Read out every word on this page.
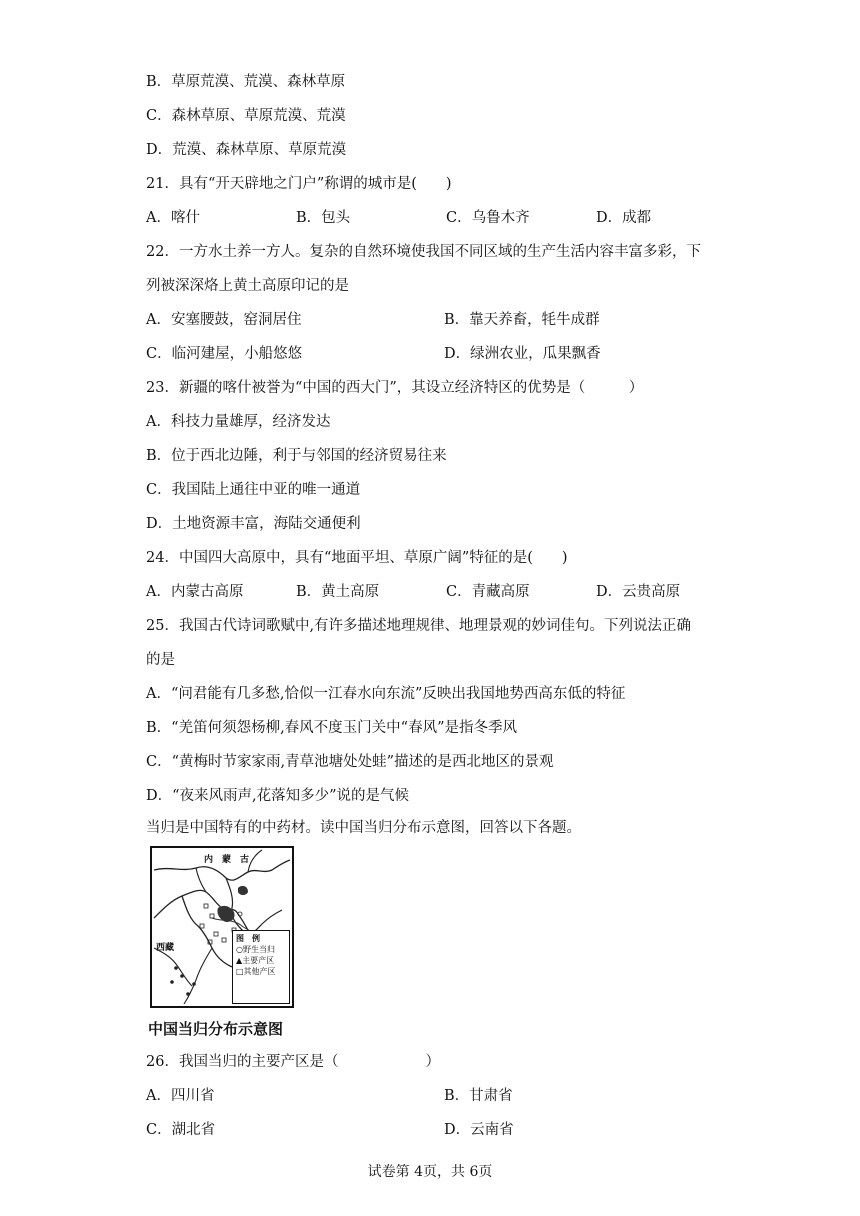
B．草原荒漠、荒漠、森林草原
C．森林草原、草原荒漠、荒漠
D．荒漠、森林草原、草原荒漠
21．具有“开天辟地之门户”称谓的城市是(　　)
A．喀什	B．包头	C．乌鲁木齐	D．成都
22．一方水土养一方人。复杂的自然环境使我国不同区域的生产生活内容丰富多彩，下
列被深深烙上黄土高原印记的是
A．安塞腰鼓，窑洞居住	B．靠天养畜，牦牛成群
C．临河建屋，小船悠悠	D．绿洲农业，瓜果飘香
23．新疆的喀什被誉为“中国的西大门”，其设立经济特区的优势是（　　　）
A．科技力量雄厚，经济发达
B．位于西北边陲，利于与邻国的经济贸易往来
C．我国陆上通往中亚的唯一通道
D．土地资源丰富，海陆交通便利
24．中国四大高原中，具有“地面平坦、草原广阔”特征的是(　　)
A．内蒙古高原	B．黄土高原	C．青藏高原	D．云贵高原
25．我国古代诗词歌赋中,有许多描述地理规律、地理景观的妙词佳句。下列说法正确
的是
A．“问君能有几多愁,恰似一江春水向东流”反映出我国地势西高东低的特征
B．“羌笛何须怨杨柳,春风不度玉门关中“春风”是指冬季风
C．“黄梅时节家家雨,青草池塘处处蛙”描述的是西北地区的景观
D．“夜来风雨声,花落知多少”说的是气候
当归是中国特有的中药材。读中国当归分布示意图，回答以下各题。
内　蒙　古
西藏
图　例
○野生当归
▲主要产区
□其他产区
中国当归分布示意图
26．我国当归的主要产区是（　　　　　　）
A．四川省	B．甘肃省
C．湖北省	D．云南省
试卷第 4页，共 6页
